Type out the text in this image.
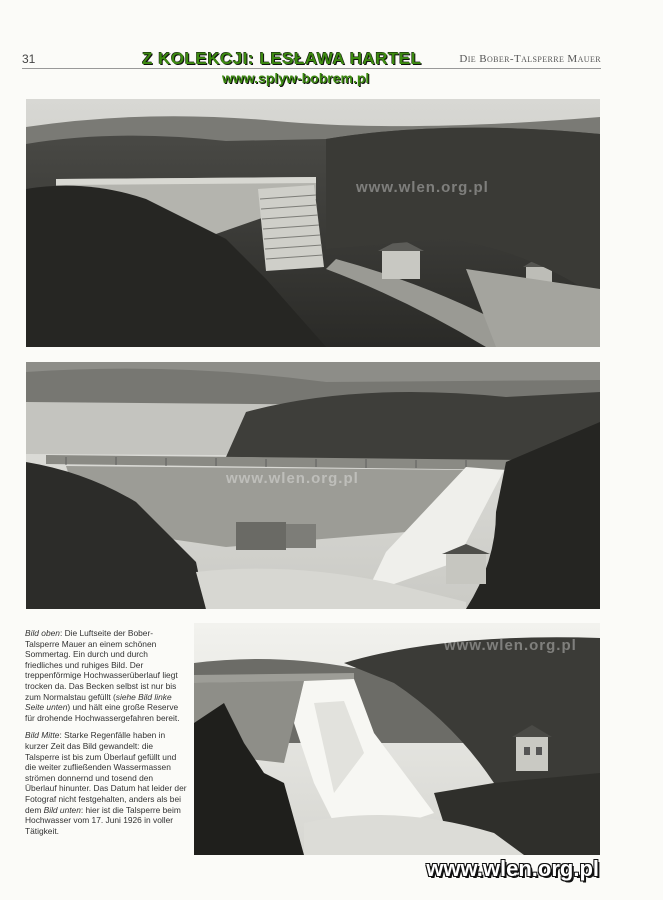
31	Z KOLEKCJI: LESŁAWA HARTEL	Die Bober-Talsperre Mauer
www.splyw-bobrem.pl
www.wlen.org.pl
www.wlen.org.pl
www.wlen.org.pl

Bild oben: Die Luftseite der Bober-Talsperre Mauer an einem schönen Sommertag. Ein durch und durch friedliches und ruhiges Bild. Der treppenförmige Hochwasserüberlauf liegt trocken da. Das Becken selbst ist nur bis zum Normalstau gefüllt (siehe Bild linke Seite unten) und hält eine große Reserve für drohende Hochwassergefahren bereit.

Bild Mitte: Starke Regenfälle haben in kurzer Zeit das Bild gewandelt: die Talsperre ist bis zum Überlauf gefüllt und die weiter zufließenden Wassermassen strömen donnernd und tosend den Überlauf hinunter. Das Datum hat leider der Fotograf nicht festgehalten, anders als bei dem Bild unten: hier ist die Talsperre beim Hochwasser vom 17. Juni 1926 in voller Tätigkeit.

www.wlen.org.pl
